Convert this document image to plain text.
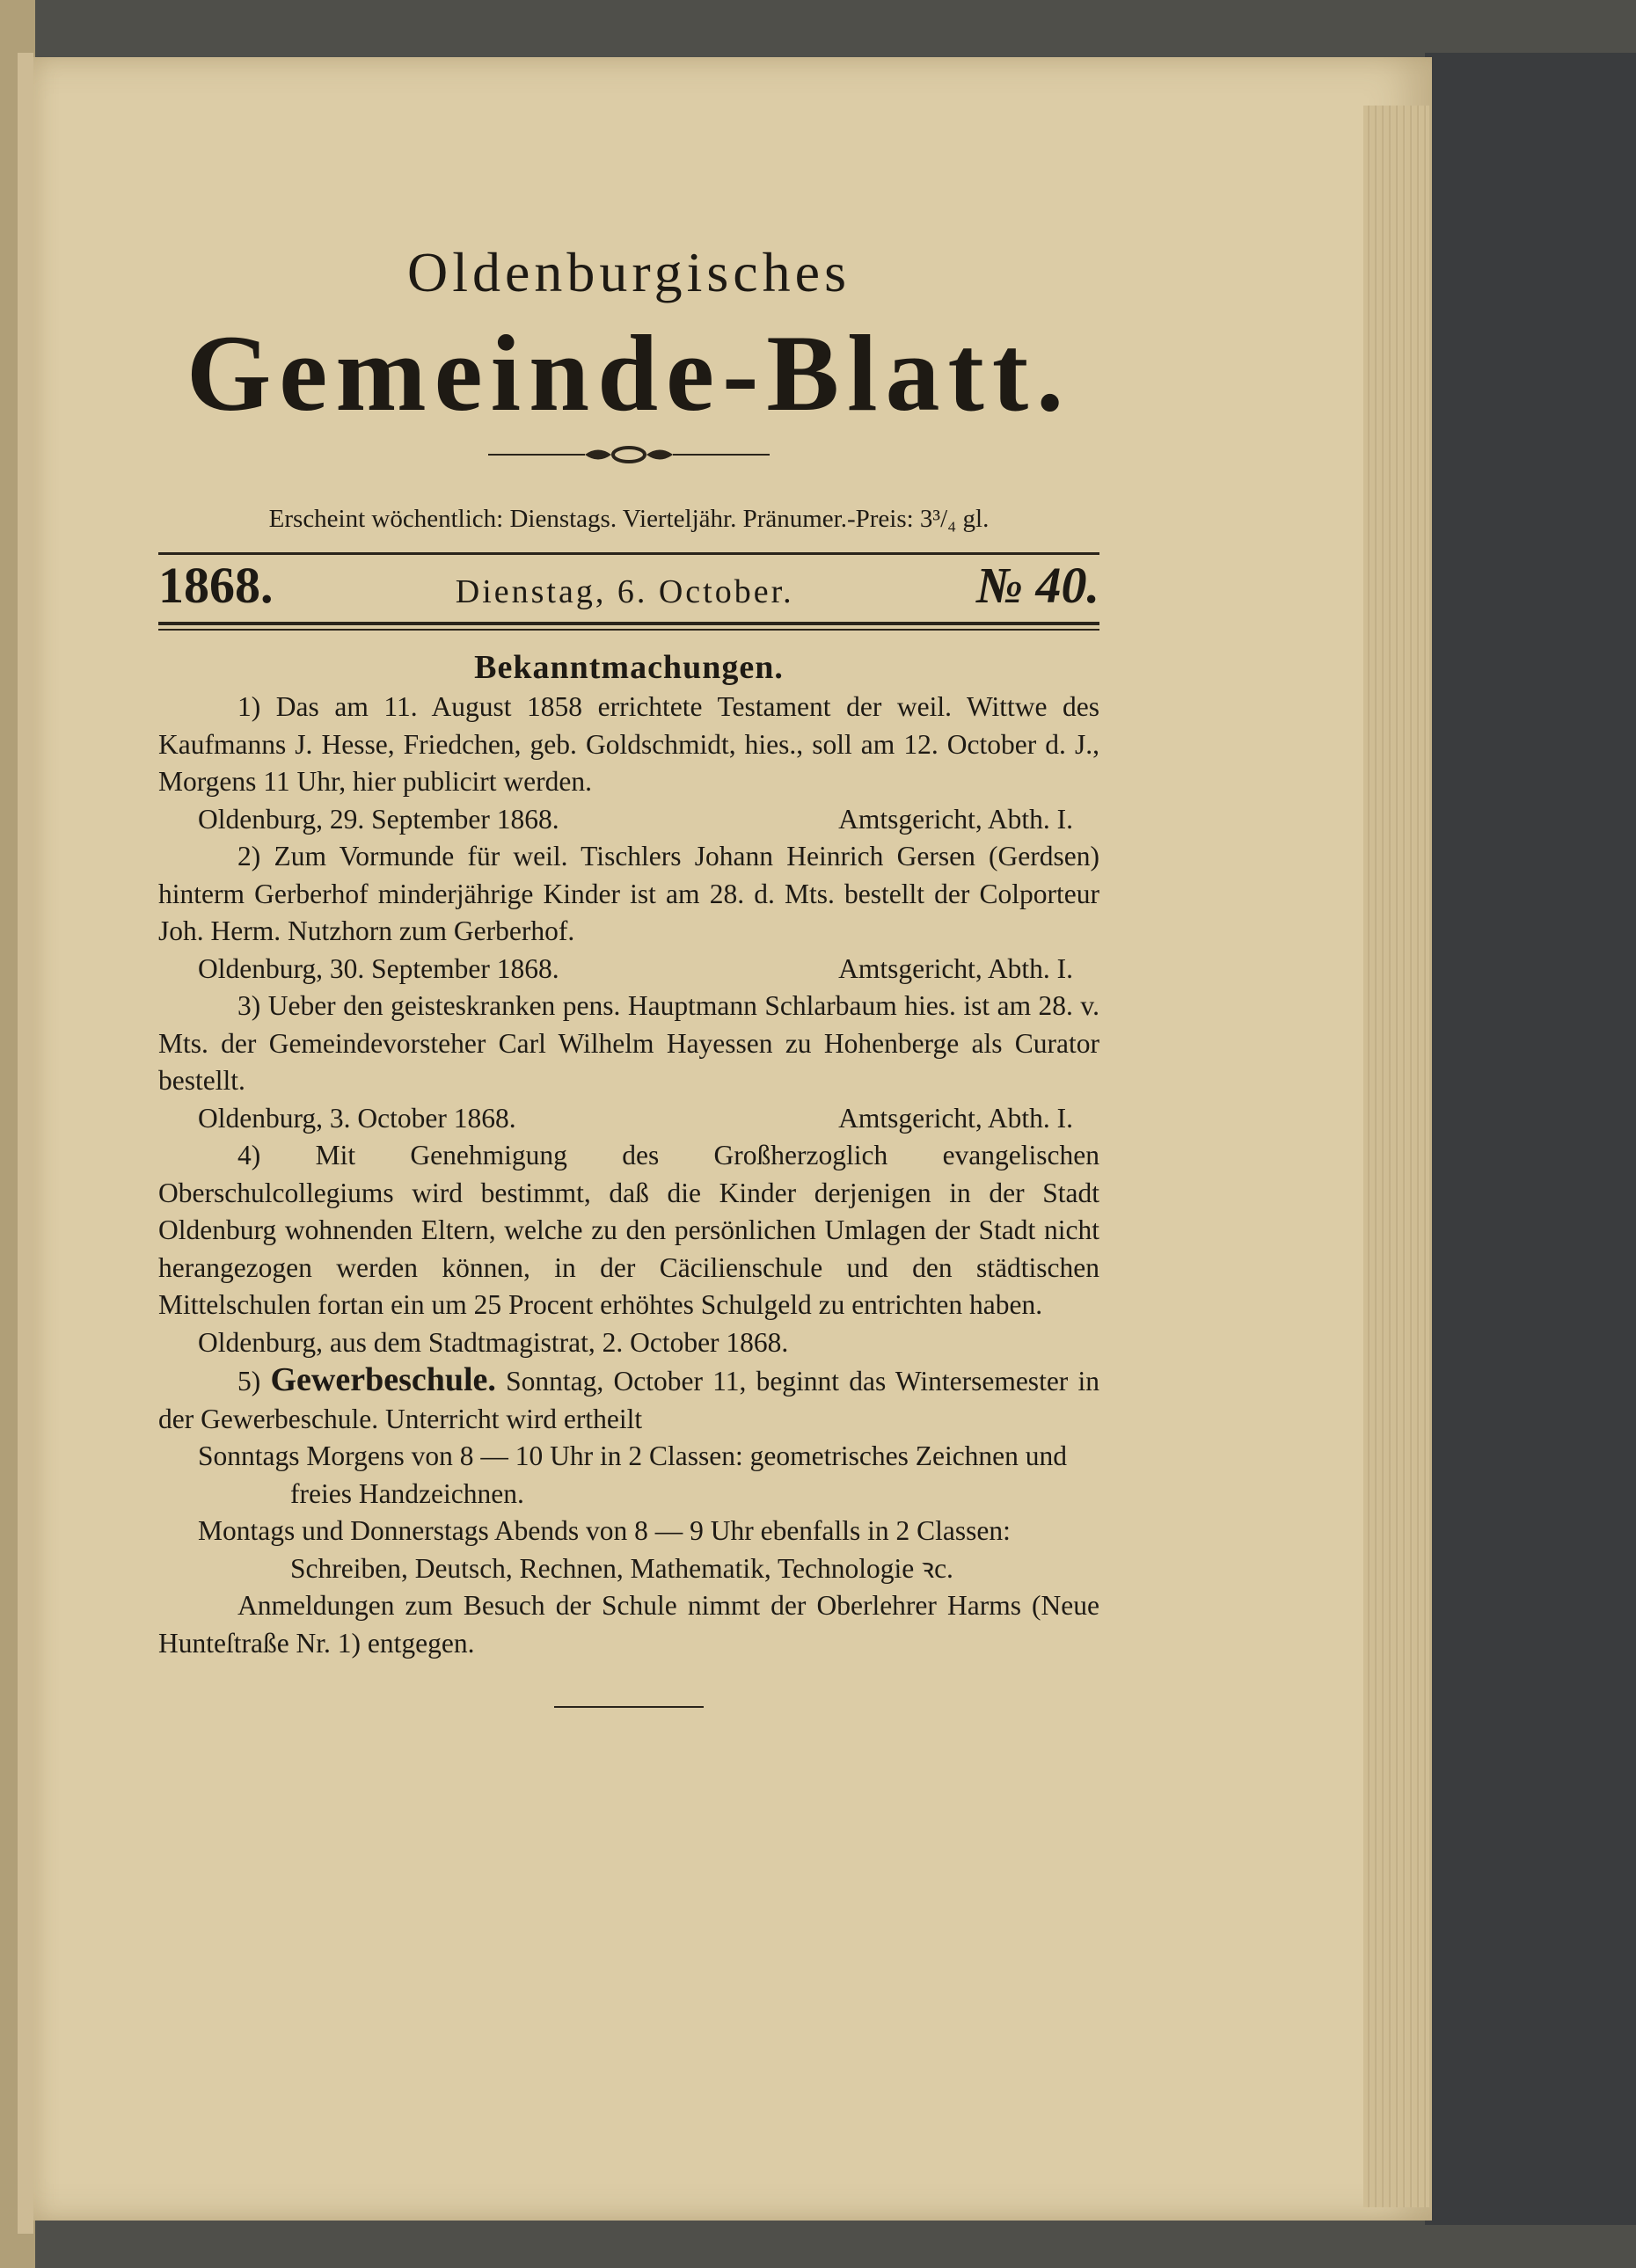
Oldenburgisches
Gemeinde-Blatt.
Erscheint wöchentlich: Dienstags. Vierteljähr. Pränumer.-Preis: 3³/₄ gl.
1868.	Dienstag, 6. October.	№ 40.
Bekanntmachungen.

1) Das am 11. August 1858 errichtete Testament der weil. Wittwe des Kaufmanns J. Hesse, Friedchen, geb. Goldschmidt, hies., soll am 12. October d. J., Morgens 11 Uhr, hier publicirt werden.

Oldenburg, 29. September 1868.	Amtsgericht, Abth. I.

2) Zum Vormunde für weil. Tischlers Johann Heinrich Gersen (Gerdsen) hinterm Gerberhof minderjährige Kinder ist am 28. d. Mts. bestellt der Colporteur Joh. Herm. Nutzhorn zum Gerberhof.

Oldenburg, 30. September 1868.	Amtsgericht, Abth. I.

3) Ueber den geisteskranken pens. Hauptmann Schlarbaum hies. ist am 28. v. Mts. der Gemeindevorsteher Carl Wilhelm Hayessen zu Hohenberge als Curator bestellt.

Oldenburg, 3. October 1868.	Amtsgericht, Abth. I.

4) Mit Genehmigung des Großherzoglich evangelischen Oberschulcollegiums wird bestimmt, daß die Kinder derjenigen in der Stadt Oldenburg wohnenden Eltern, welche zu den persönlichen Umlagen der Stadt nicht herangezogen werden können, in der Cäcilienschule und den städtischen Mittelschulen fortan ein um 25 Procent erhöhtes Schulgeld zu entrichten haben.

Oldenburg, aus dem Stadtmagistrat, 2. October 1868.

5) Gewerbeschule. Sonntag, October 11, beginnt das Wintersemester in der Gewerbeschule. Unterricht wird ertheilt

Sonntags Morgens von 8 — 10 Uhr in 2 Classen: geometrisches Zeichnen und freies Handzeichnen.
Montags und Donnerstags Abends von 8 — 9 Uhr ebenfalls in 2 Classen: Schreiben, Deutsch, Rechnen, Mathematik, Technologie ꝛc.

Anmeldungen zum Besuch der Schule nimmt der Oberlehrer Harms (Neue Hunteſtraße Nr. 1) entgegen.
